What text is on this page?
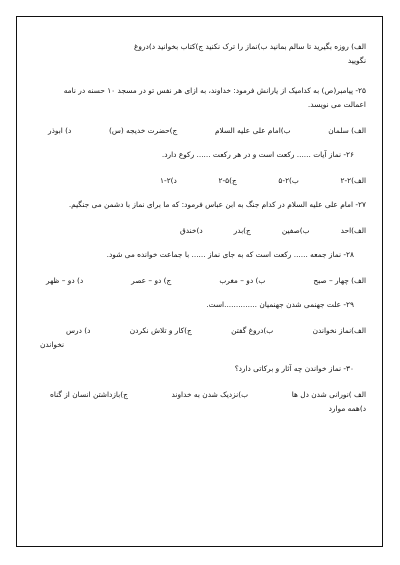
الف) روزه بگیرید تا سالم بمانید ب)نماز را ترک نکنید ج)کتاب بخوانید د)دروغ
نگویید
۲۵- پیامبر(ص) به کدامیک از یارانش فرمود: خداوند، به ازای هر نفس تو در مسجد ۱۰ حسنه در نامه
اعمالت می نویسد.
الف) سلمان
ب)امام علی علیه السلام
ج)حضرت خدیجه (س)
د) ابوذر
۲۶- نماز آیات ...... رکعت است و در هر رکعت ...... رکوع دارد.
الف)۲-۲
ب)۲-۵
ج)۵-۲
د)۲-۱
۲۷- امام علی علیه السلام در کدام جنگ به ابن عباس فرمود: که ما برای نماز با دشمن می جنگیم.
الف)احد
ب)صفین
ج)بدر
د)خندق
۲۸- نماز جمعه ...... رکعت است که به جای نماز ...... با جماعت خوانده می شود.
الف) چهار – صبح
ب) دو – مغرب
ج) دو – عصر
د) دو – ظهر
۲۹- علت جهنمی شدن جهنمیان ..............است.
الف)نماز نخواندن
ب)دروغ گفتن
ج)کار و تلاش نکردن
د) درس
نخواندن
۳۰- نماز خواندن چه آثار و برکاتی دارد؟
الف )نورانی شدن دل ها
ب)نزدیک شدن به خداوند
ج)بازداشتن انسان از گناه
د)همه موارد
